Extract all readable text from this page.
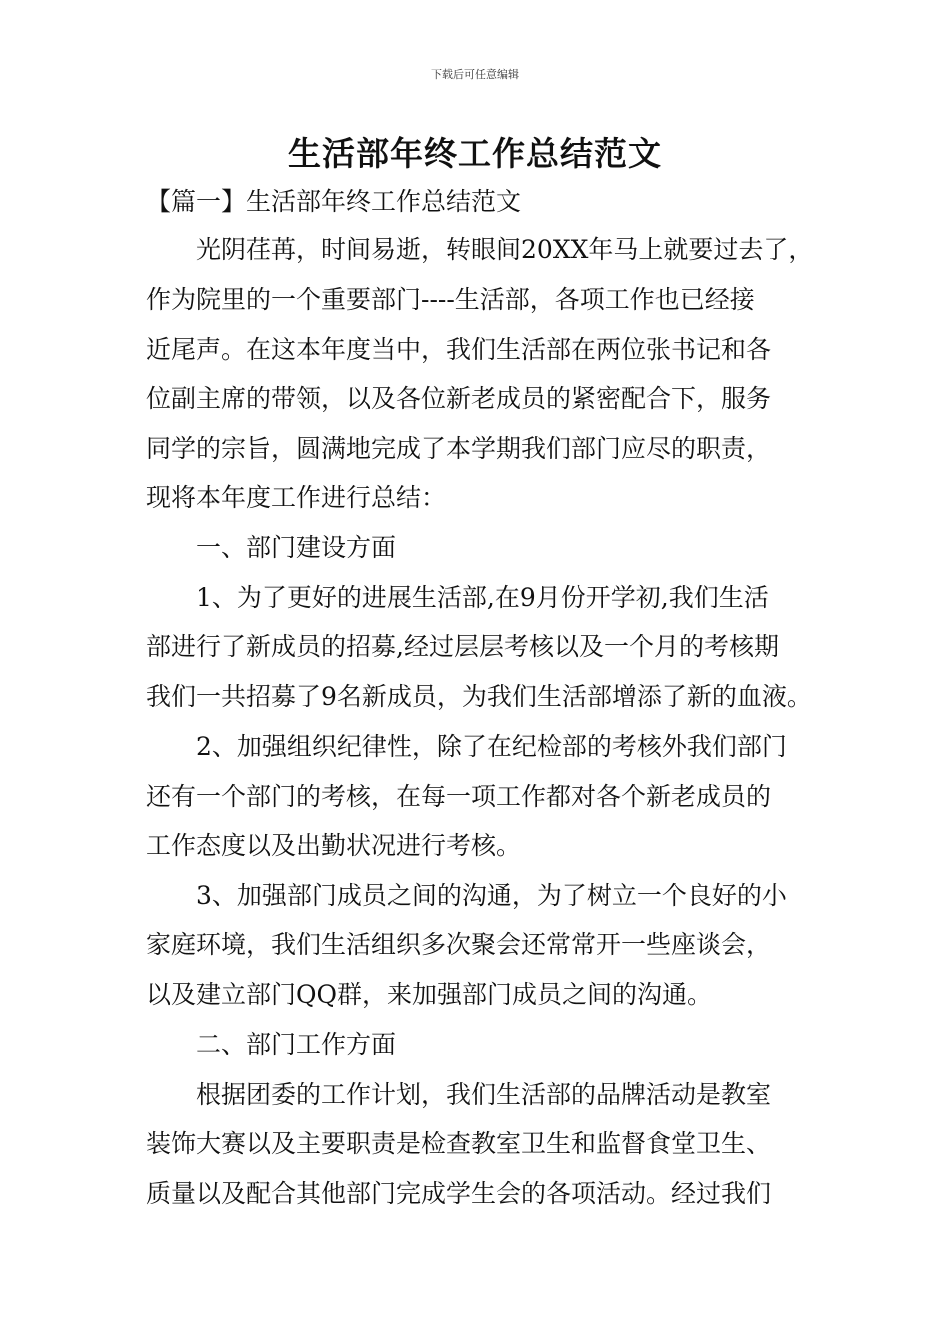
下载后可任意编辑
生活部年终工作总结范文
【篇一】生活部年终工作总结范文
光阴荏苒，时间易逝，转眼间20XX年马上就要过去了，
作为院里的一个重要部门----生活部，各项工作也已经接
近尾声。在这本年度当中，我们生活部在两位张书记和各
位副主席的带领，以及各位新老成员的紧密配合下，服务
同学的宗旨，圆满地完成了本学期我们部门应尽的职责，
现将本年度工作进行总结：
一、部门建设方面
1、为了更好的进展生活部,在9月份开学初,我们生活
部进行了新成员的招募,经过层层考核以及一个月的考核期
我们一共招募了9名新成员，为我们生活部增添了新的血液。
2、加强组织纪律性，除了在纪检部的考核外我们部门
还有一个部门的考核，在每一项工作都对各个新老成员的
工作态度以及出勤状况进行考核。
3、加强部门成员之间的沟通，为了树立一个良好的小
家庭环境，我们生活组织多次聚会还常常开一些座谈会，
以及建立部门QQ群，来加强部门成员之间的沟通。
二、部门工作方面
根据团委的工作计划，我们生活部的品牌活动是教室
装饰大赛以及主要职责是检查教室卫生和监督食堂卫生、
质量以及配合其他部门完成学生会的各项活动。经过我们
